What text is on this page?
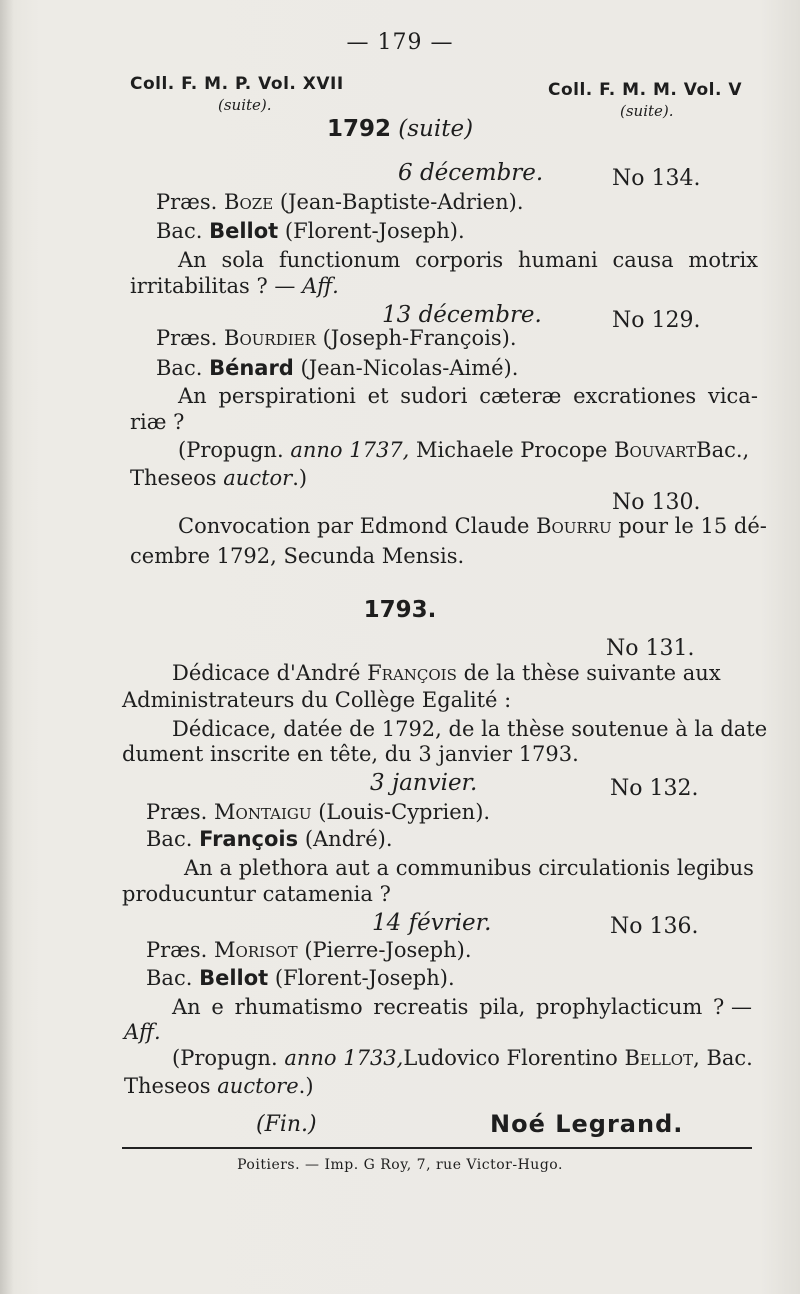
— 179 —
Coll. F. M. P. Vol. XVII
(suite).
Coll. F. M. M. Vol. V
(suite).
1792 (suite)
6 décembre.	No 134.
Præs. Boze (Jean-Baptiste-Adrien).
Bac. Bellot (Florent-Joseph).
An sola functionum corporis humani causa motrix
irritabilitas ? — Aff.
13 décembre.	No 129.
Præs. Bourdier (Joseph-François).
Bac. Bénard (Jean-Nicolas-Aimé).
An perspirationi et sudori cæteræ excrationes vica-
riæ ?
(Propugn. anno 1737, Michaele Procope BouvartBac.,
Theseos auctor.)
No 130.
Convocation par Edmond Claude Bourru pour le 15 dé-
cembre 1792, Secunda Mensis.
1793.
No 131.
Dédicace d'André François de la thèse suivante aux
Administrateurs du Collège Egalité :
Dédicace, datée de 1792, de la thèse soutenue à la date
dument inscrite en tête, du 3 janvier 1793.
3 janvier.	No 132.
Præs. Montaigu (Louis-Cyprien).
Bac. François (André).
An a plethora aut a communibus circulationis legibus
producuntur catamenia ?
14 février.	No 136.
Præs. Morisot (Pierre-Joseph).
Bac. Bellot (Florent-Joseph).
An e rhumatismo recreatis pila, prophylacticum ? —
Aff.
(Propugn. anno 1733,Ludovico Florentino Bellot, Bac.
Theseos auctore.)
(Fin.)	Noé Legrand.
Poitiers. — Imp. G Roy, 7, rue Victor-Hugo.
